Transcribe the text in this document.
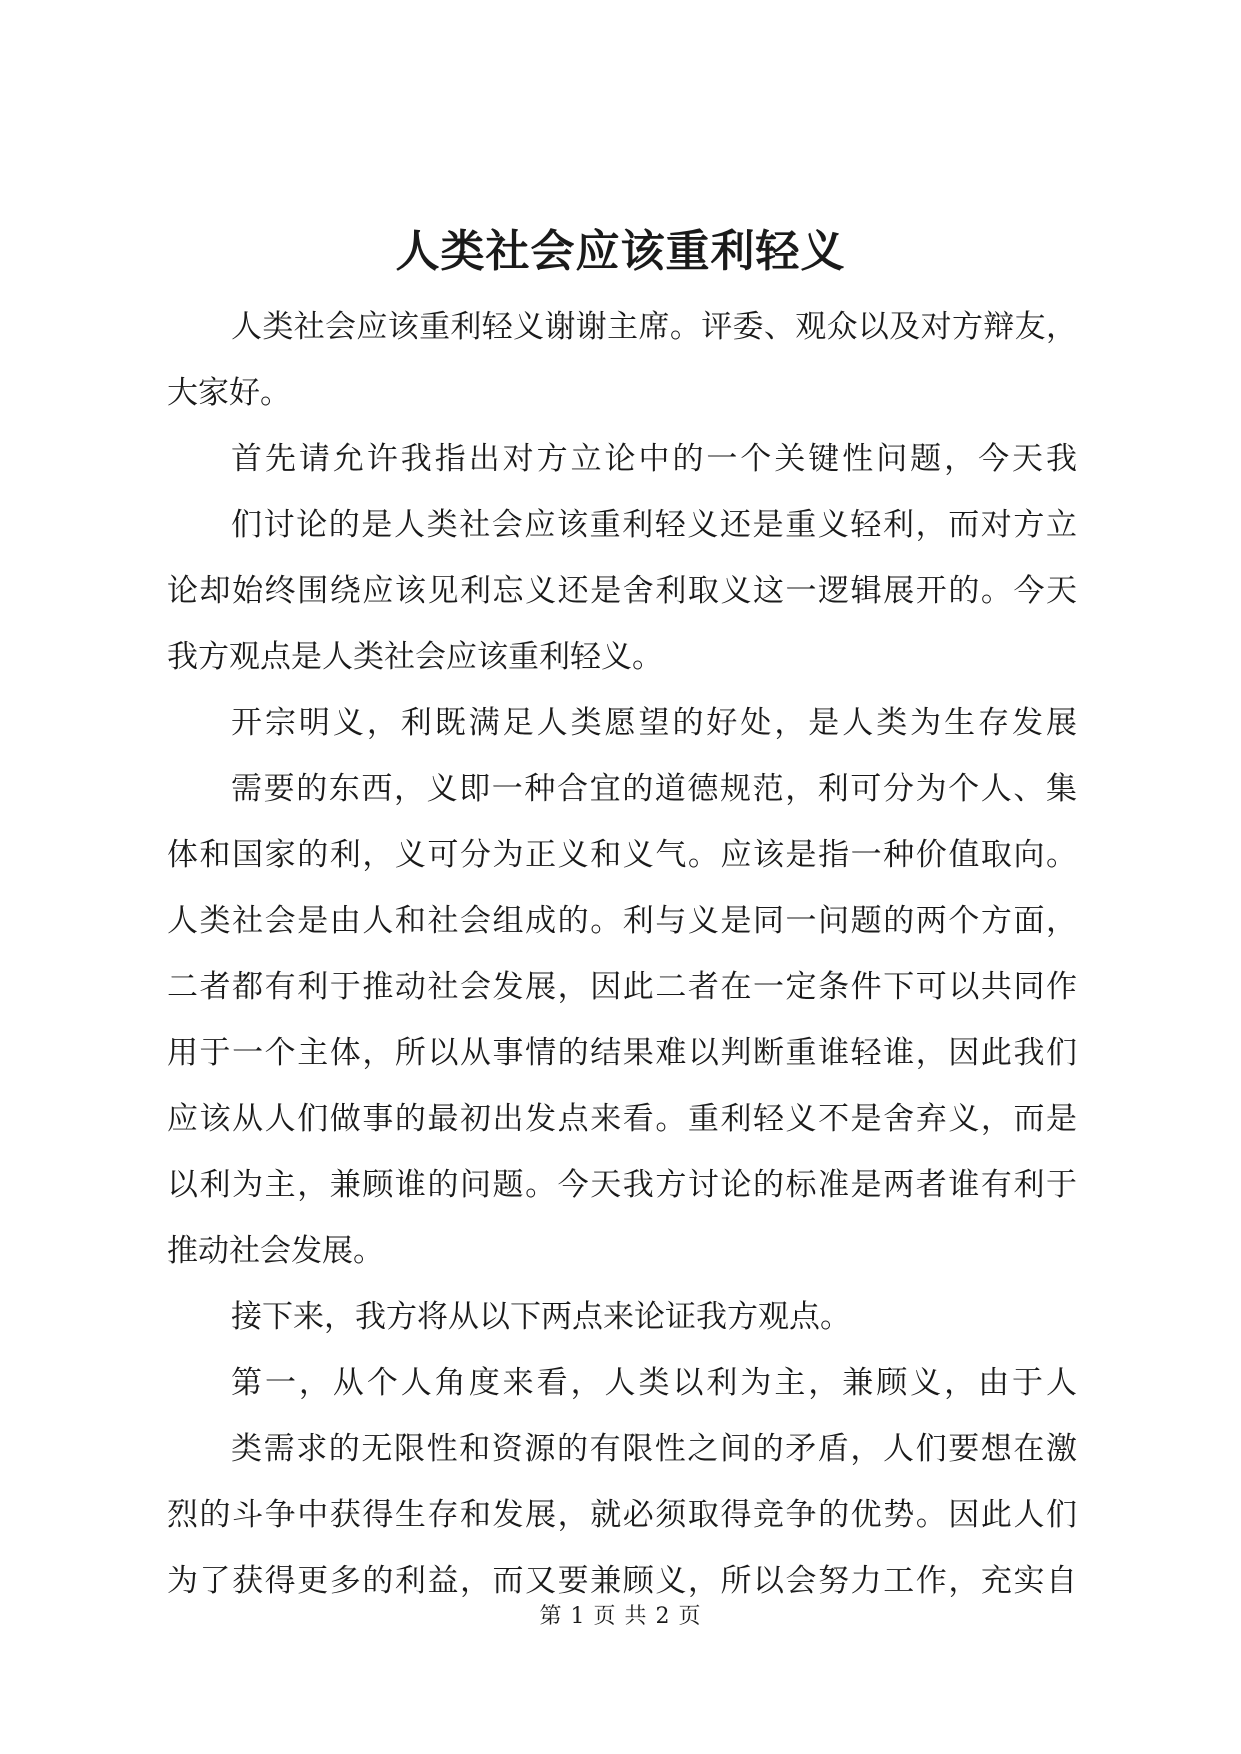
人类社会应该重利轻义
人类社会应该重利轻义谢谢主席。评委、观众以及对方辩友，
大家好。
首先请允许我指出对方立论中的一个关键性问题，今天我
们讨论的是人类社会应该重利轻义还是重义轻利，而对方立
论却始终围绕应该见利忘义还是舍利取义这一逻辑展开的。今天
我方观点是人类社会应该重利轻义。
开宗明义，利既满足人类愿望的好处，是人类为生存发展
需要的东西，义即一种合宜的道德规范，利可分为个人、集
体和国家的利，义可分为正义和义气。应该是指一种价值取向。
人类社会是由人和社会组成的。利与义是同一问题的两个方面，
二者都有利于推动社会发展，因此二者在一定条件下可以共同作
用于一个主体，所以从事情的结果难以判断重谁轻谁，因此我们
应该从人们做事的最初出发点来看。重利轻义不是舍弃义，而是
以利为主，兼顾谁的问题。今天我方讨论的标准是两者谁有利于
推动社会发展。
接下来，我方将从以下两点来论证我方观点。
第一，从个人角度来看，人类以利为主，兼顾义，由于人
类需求的无限性和资源的有限性之间的矛盾，人们要想在激
烈的斗争中获得生存和发展，就必须取得竞争的优势。因此人们
为了获得更多的利益，而又要兼顾义，所以会努力工作，充实自
第 1 页 共 2 页
